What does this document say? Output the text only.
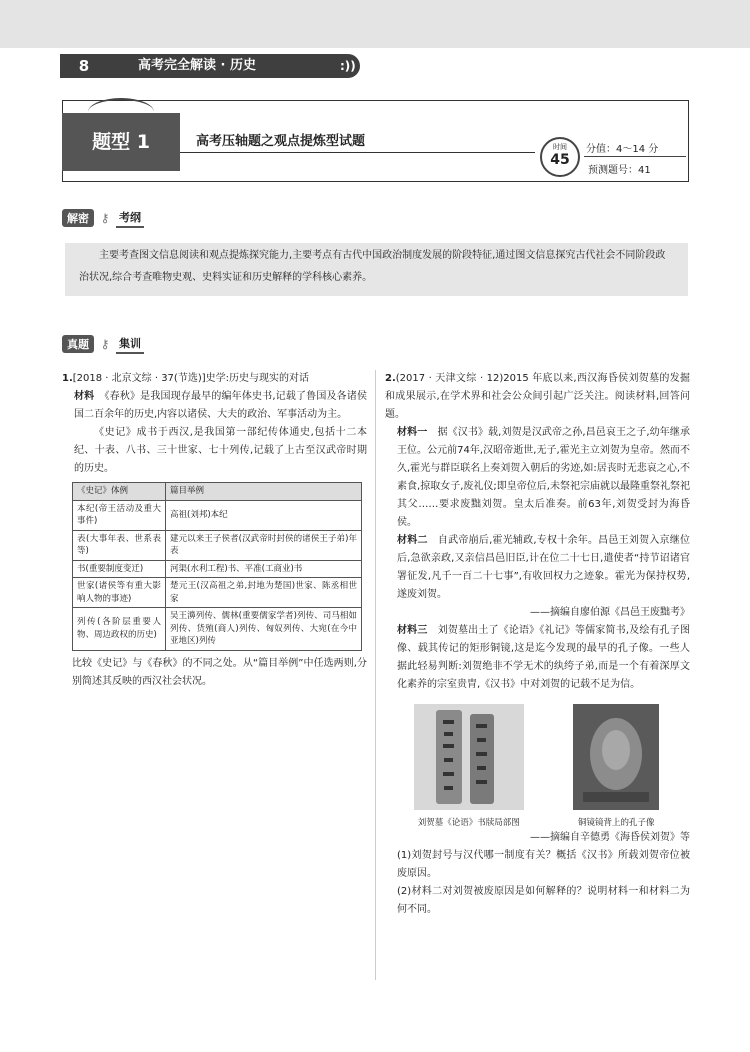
8	高考完全解读 · 历史	:))
题型 1	高考压轴题之观点提炼型试题	时间
45
分值：4～14 分
预测题号：41
解密 ⚷ 考纲
主要考查图文信息阅读和观点提炼探究能力,主要考点有古代中国政治制度发展的阶段特征,通过图文信息探究古代社会不同阶段政治状况,综合考查唯物史观、史料实证和历史解释的学科核心素养。
真题 ⚷ 集训

1.[2018 · 北京文综 · 37(节选)]史学:历史与现实的对话

材料　 《春秋》是我国现存最早的编年体史书,记载了鲁国及各诸侯国二百余年的历史,内容以诸侯、大夫的政治、军事活动为主。

《史记》成书于西汉,是我国第一部纪传体通史,包括十二本纪、十表、八书、三十世家、七十列传,记载了上古至汉武帝时期的历史。

《史记》体例	篇目举例
本纪(帝王活动及重大事件)	高祖(刘邦)本纪
表(大事年表、世系表等)	建元以来王子侯者(汉武帝时封侯的诸侯王子弟)年表
书(重要制度变迁)	河渠(水利工程)书、平准(工商业)书
世家(诸侯等有重大影响人物的事迹)	楚元王(汉高祖之弟,封地为楚国)世家、陈丞相世家
列传(各阶层重要人物、周边政权的历史)	吴王濞列传、儒林(重要儒家学者)列传、司马相如列传、货殖(商人)列传、匈奴列传、大宛(在今中亚地区)列传

比较《史记》与《春秋》的不同之处。从“篇目举例”中任选两则,分别简述其反映的西汉社会状况。

2.(2017 · 天津文综 · 12)2015 年底以来,西汉海昏侯刘贺墓的发掘和成果展示,在学术界和社会公众间引起广泛关注。阅读材料,回答问题。

材料一　 据《汉书》载,刘贺是汉武帝之孙,昌邑哀王之子,幼年继承王位。公元前74年,汉昭帝逝世,无子,霍光主立刘贺为皇帝。然而不久,霍光与群臣联名上奏刘贺入朝后的劣迹,如:居丧时无悲哀之心,不素食,掠取女子,废礼仪;即皇帝位后,未祭祀宗庙就以最隆重祭礼祭祀其父……要求废黜刘贺。皇太后准奏。前63年,刘贺受封为海昏侯。

材料二　 自武帝崩后,霍光辅政,专权十余年。昌邑王刘贺入京继位后,急欲亲政,又亲信昌邑旧臣,计在位二十七日,遣使者“持节诏诸官署征发,凡千一百二十七事”,有收回权力之迹象。霍光为保持权势,遂废刘贺。

——摘编自廖伯源《昌邑王废黜考》

材料三　 刘贺墓出土了《论语》《礼记》等儒家简书,及绘有孔子图像、载其传记的矩形铜镜,这是迄今发现的最早的孔子像。一些人据此轻易判断:刘贺绝非不学无术的纨绔子弟,而是一个有着深厚文化素养的宗室贵胄,《汉书》中对刘贺的记载不足为信。

刘贺墓《论语》书牍局部图	铜镜镜背上的孔子像

——摘编自辛德勇《海昏侯刘贺》等

(1)刘贺封号与汉代哪一制度有关？概括《汉书》所载刘贺帝位被废原因。

(2)材料二对刘贺被废原因是如何解释的？说明材料一和材料二为何不同。
